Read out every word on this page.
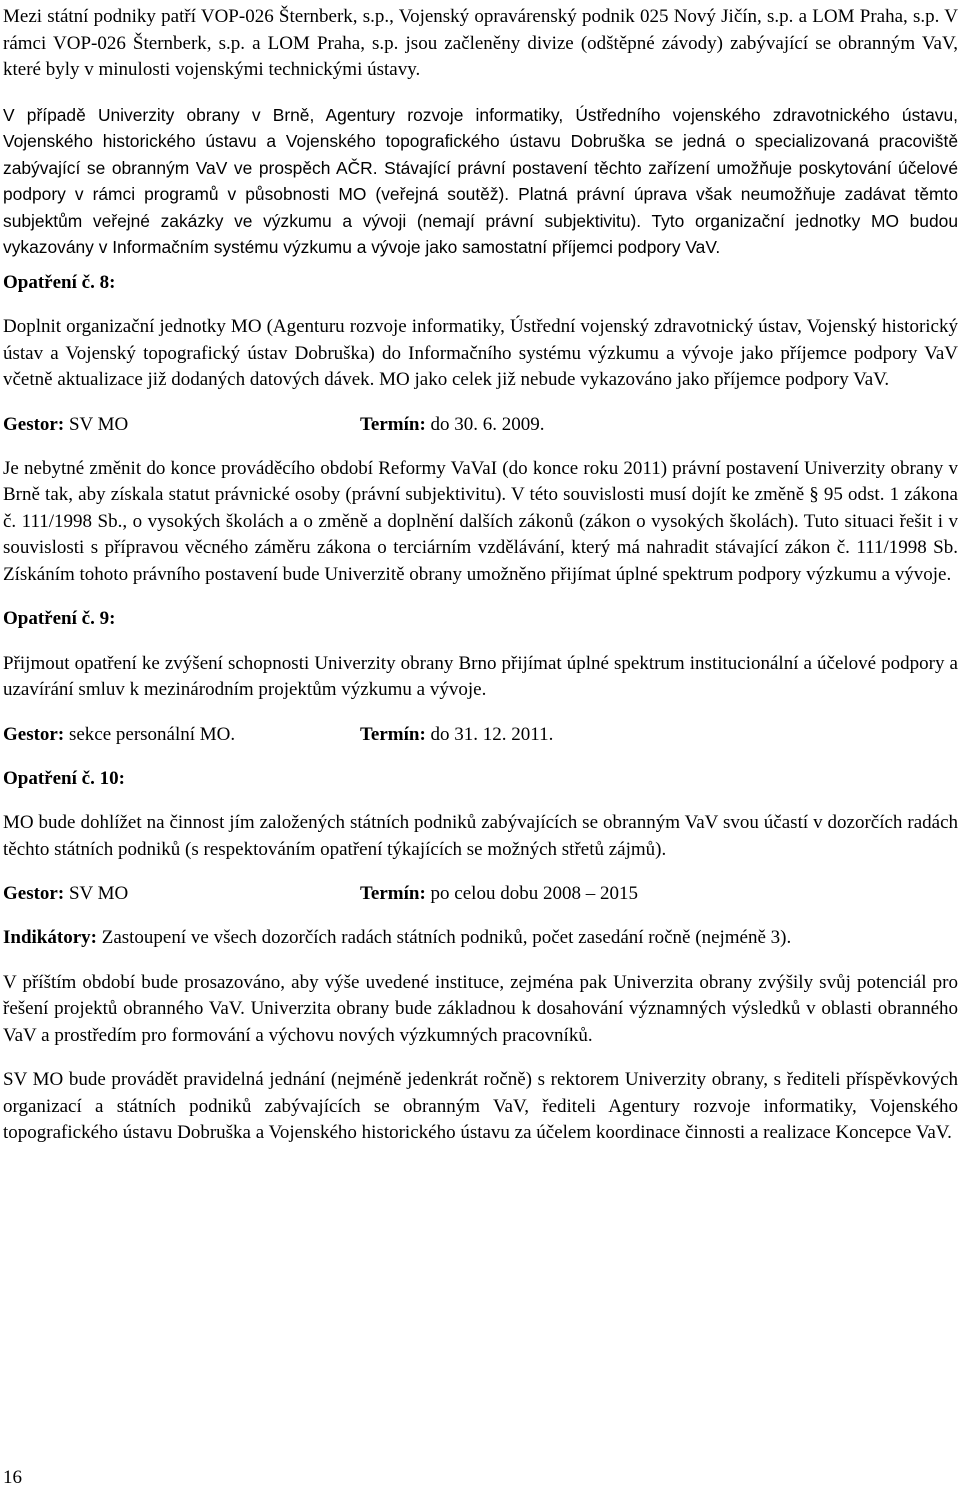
Mezi státní podniky patří VOP-026 Šternberk, s.p., Vojenský opravárenský podnik 025 Nový Jičín, s.p. a LOM Praha, s.p. V rámci VOP-026 Šternberk, s.p. a LOM Praha, s.p. jsou začleněny divize (odštěpné závody) zabývající se obranným VaV, které byly v minulosti vojenskými technickými ústavy.

V případě Univerzity obrany v Brně, Agentury rozvoje informatiky, Ústředního vojenského zdravotnického ústavu, Vojenského historického ústavu a Vojenského topografického ústavu Dobruška se jedná o specializovaná pracoviště zabývající se obranným VaV ve prospěch AČR. Stávající právní postavení těchto zařízení umožňuje poskytování účelové podpory v rámci programů v působnosti MO (veřejná soutěž). Platná právní úprava však neumožňuje zadávat těmto subjektům veřejné zakázky ve výzkumu a vývoji (nemají právní subjektivitu). Tyto organizační jednotky MO budou vykazovány v Informačním systému výzkumu a vývoje jako samostatní příjemci podpory VaV.

Opatření č. 8:

Doplnit organizační jednotky MO (Agenturu rozvoje informatiky, Ústřední vojenský zdravotnický ústav, Vojenský historický ústav a Vojenský topografický ústav Dobruška) do Informačního systému výzkumu a vývoje jako příjemce podpory VaV včetně aktualizace již dodaných datových dávek. MO jako celek již nebude vykazováno jako příjemce podpory VaV.

Gestor: SV MO	Termín: do 30. 6. 2009.

Je nebytné změnit do konce prováděcího období Reformy VaVaI (do konce roku 2011) právní postavení Univerzity obrany v Brně tak, aby získala statut právnické osoby (právní subjektivitu). V této souvislosti musí dojít ke změně § 95 odst. 1 zákona č. 111/1998 Sb., o vysokých školách a o změně a doplnění dalších zákonů (zákon o vysokých školách). Tuto situaci řešit i v souvislosti s přípravou věcného záměru zákona o terciárním vzdělávání, který má nahradit stávající zákon č. 111/1998 Sb. Získáním tohoto právního postavení bude Univerzitě obrany umožněno přijímat úplné spektrum podpory výzkumu a vývoje.

Opatření č. 9:

Přijmout opatření ke zvýšení schopnosti Univerzity obrany Brno přijímat úplné spektrum institucionální a účelové podpory a uzavírání smluv k mezinárodním projektům výzkumu a vývoje.

Gestor: sekce personální MO.	Termín: do 31. 12. 2011.

Opatření č. 10:

MO bude dohlížet na činnost jím založených státních podniků zabývajících se obranným VaV svou účastí v dozorčích radách těchto státních podniků (s respektováním opatření týkajících se možných střetů zájmů).

Gestor: SV MO	Termín: po celou dobu 2008 – 2015

Indikátory: Zastoupení ve všech dozorčích radách státních podniků, počet zasedání ročně (nejméně 3).

V příštím období bude prosazováno, aby výše uvedené instituce, zejména pak Univerzita obrany zvýšily svůj potenciál pro řešení projektů obranného VaV. Univerzita obrany bude základnou k dosahování významných výsledků v oblasti obranného VaV a prostředím pro formování a výchovu nových výzkumných pracovníků.

SV MO bude provádět pravidelná jednání (nejméně jedenkrát ročně) s rektorem Univerzity obrany, s řediteli příspěvkových organizací a státních podniků zabývajících se obranným VaV, řediteli Agentury rozvoje informatiky, Vojenského topografického ústavu Dobruška a Vojenského historického ústavu za účelem koordinace činnosti a realizace Koncepce VaV.

16
